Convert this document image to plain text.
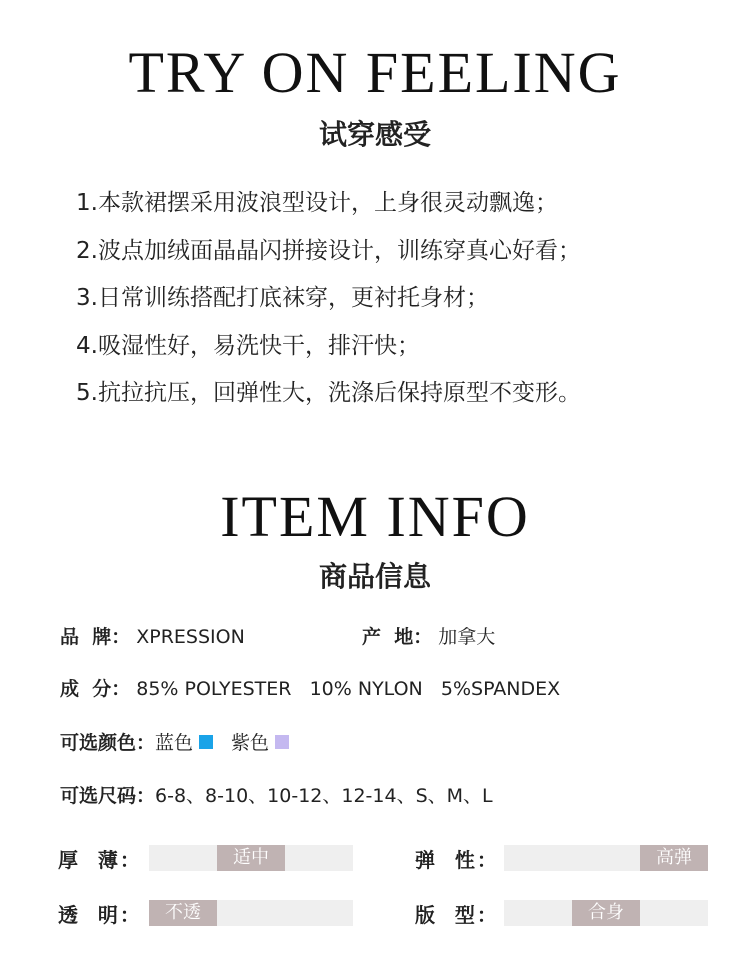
TRY ON FEELING
试穿感受
1.本款裙摆采用波浪型设计，上身很灵动飘逸；
2.波点加绒面晶晶闪拼接设计，训练穿真心好看；
3.日常训练搭配打底袜穿，更衬托身材；
4.吸湿性好，易洗快干，排汗快；
5.抗拉抗压，回弹性大，洗涤后保持原型不变形。
ITEM INFO
商品信息
品  牌： XPRESSION	产  地： 加拿大
成  分： 85% POLYESTER   10% NYLON   5%SPANDEX
可选颜色：蓝色 紫色
可选尺码：6-8、8-10、10-12、12-14、S、M、L
厚  薄：	适中	弹  性：	高弹
透  明：	不透	版  型：	合身
